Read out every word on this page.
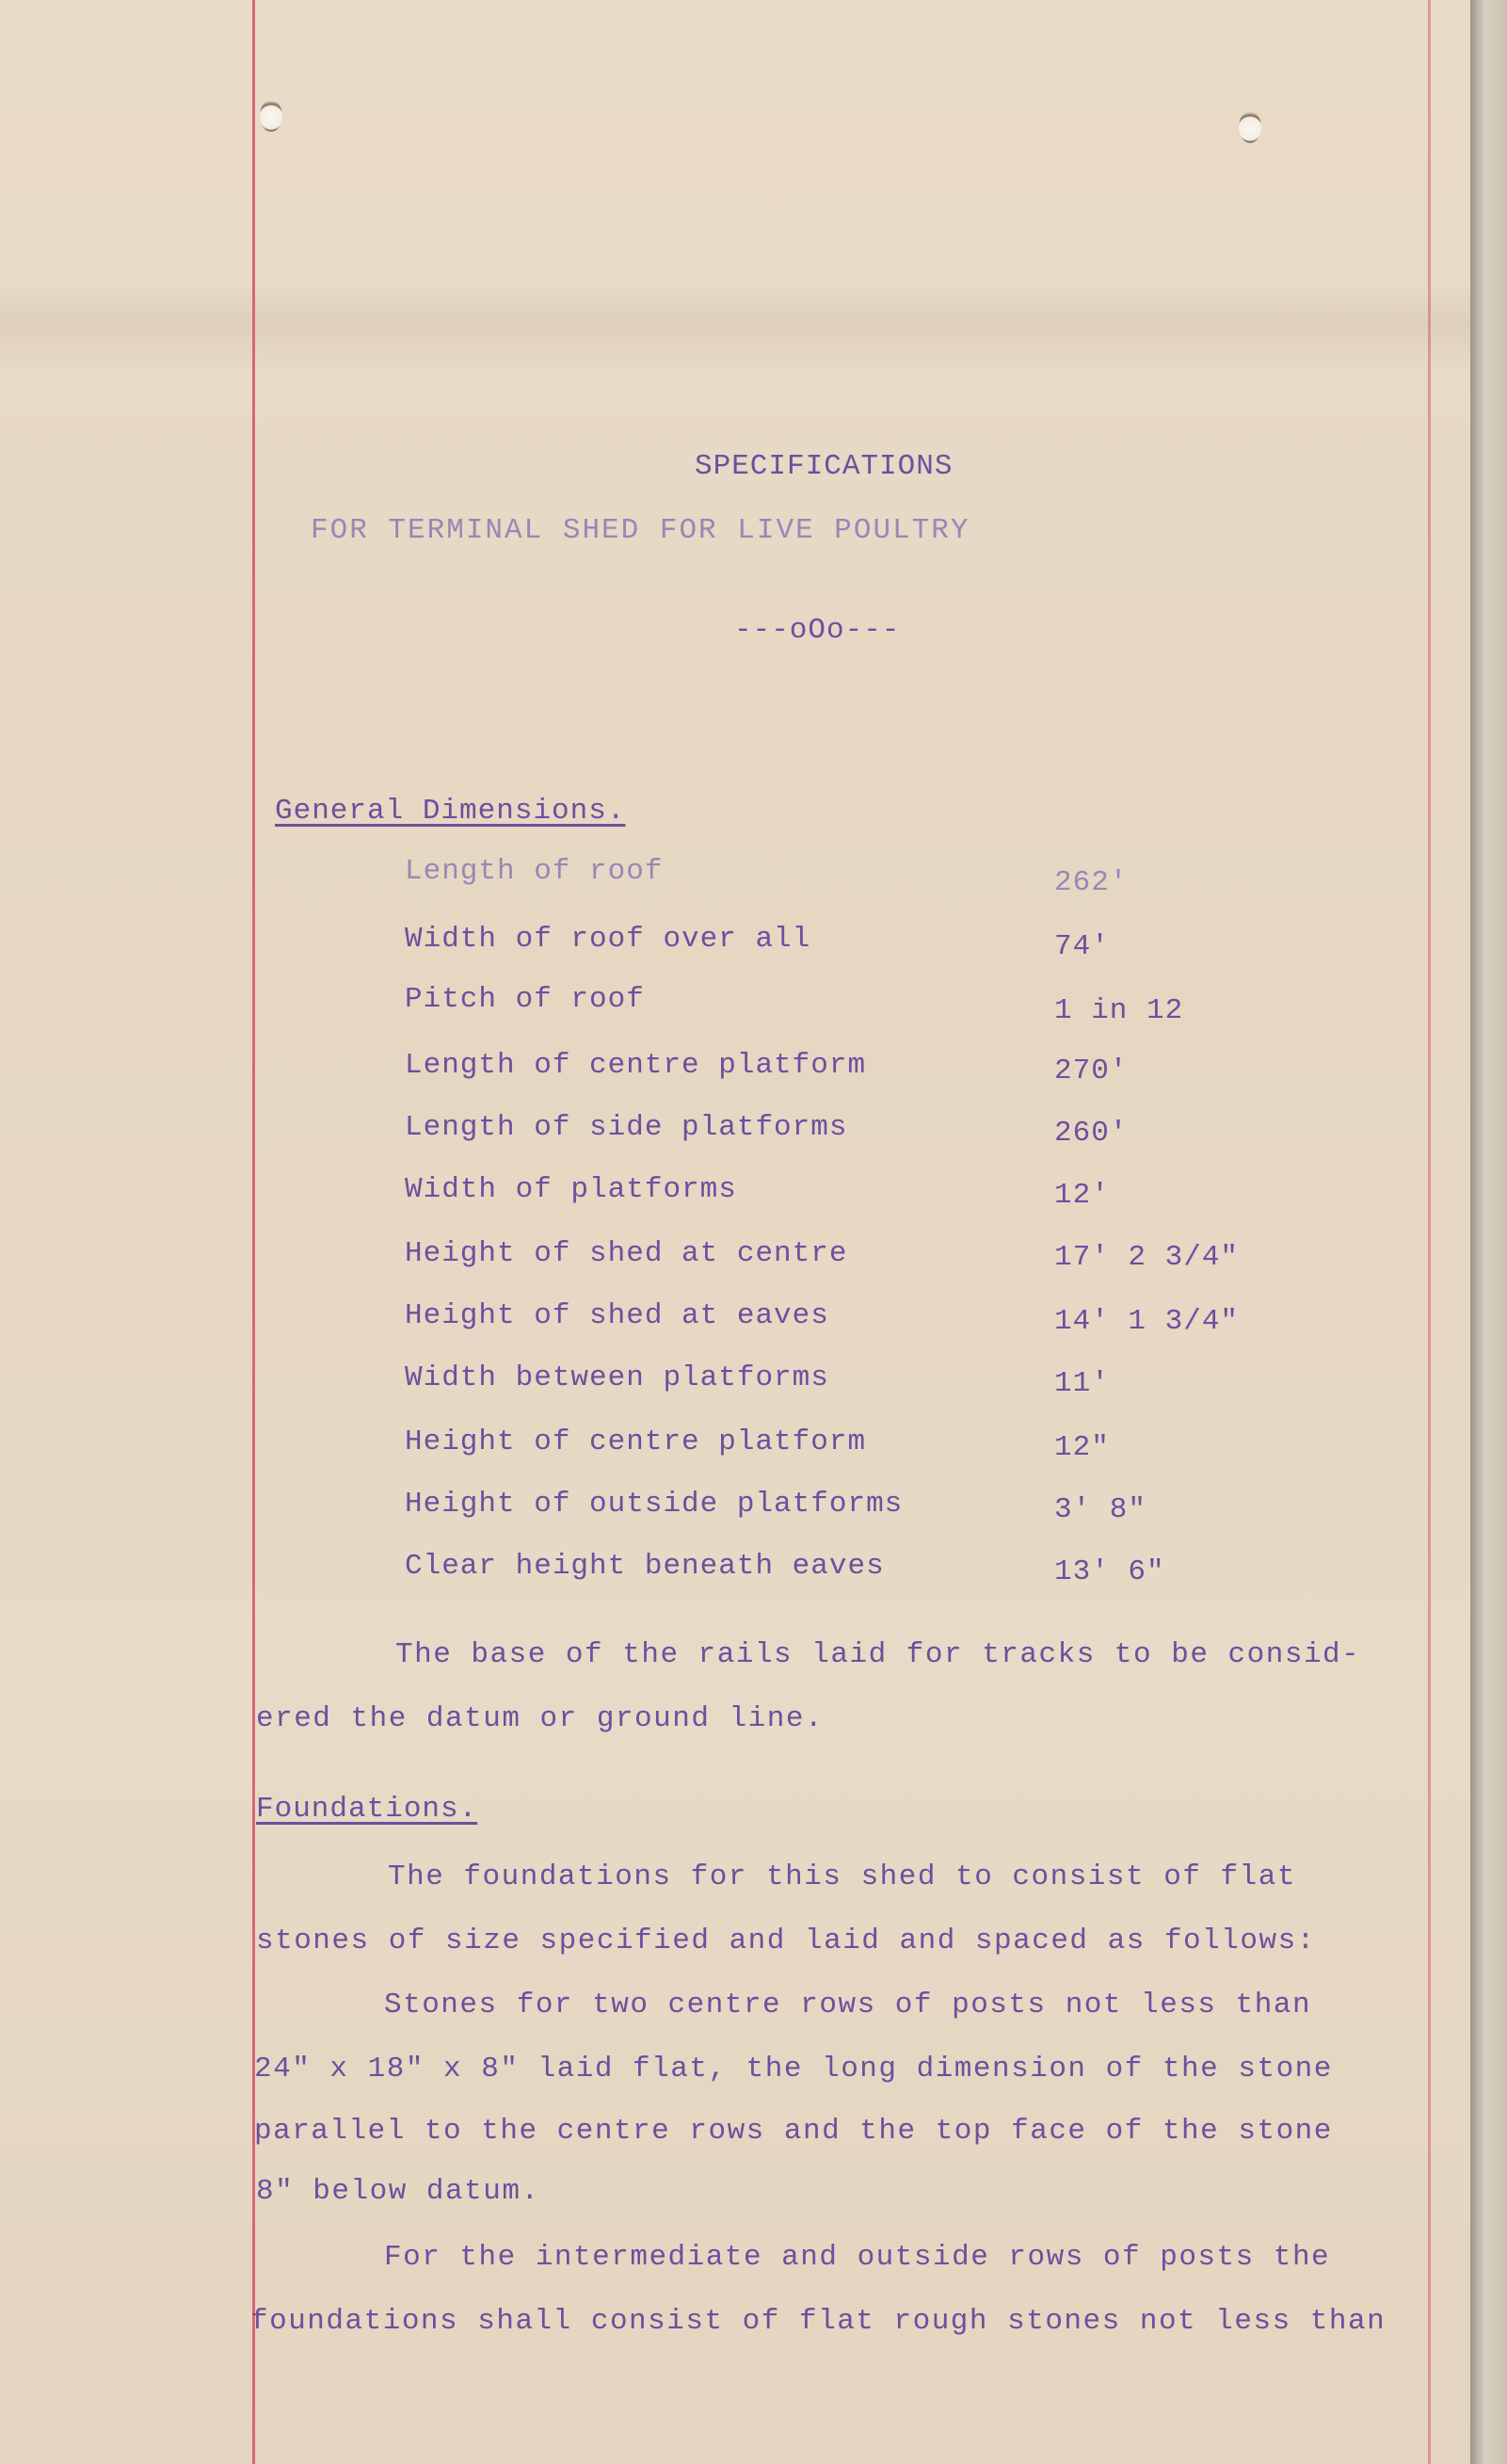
SPECIFICATIONS
FOR TERMINAL SHED FOR LIVE POULTRY
---oOo---
General Dimensions.
Length of roof	262'
Width of roof over all	74'
Pitch of roof	1 in 12
Length of centre platform	270'
Length of side platforms	260'
Width of platforms	12'
Height of shed at centre	17' 2 3/4"
Height of shed at eaves	14' 1 3/4"
Width between platforms	11'
Height of centre platform	12"
Height of outside platforms	3' 8"
Clear height beneath eaves	13' 6"
The base of the rails laid for tracks to be consid-
ered the datum or ground line.
Foundations.
The foundations for this shed to consist of flat
stones of size specified and laid and spaced as follows:
Stones for two centre rows of posts not less than
24" x 18" x 8" laid flat, the long dimension of the stone
parallel to the centre rows and the top face of the stone
8" below datum.
For the intermediate and outside rows of posts the
foundations shall consist of flat rough stones not less than
